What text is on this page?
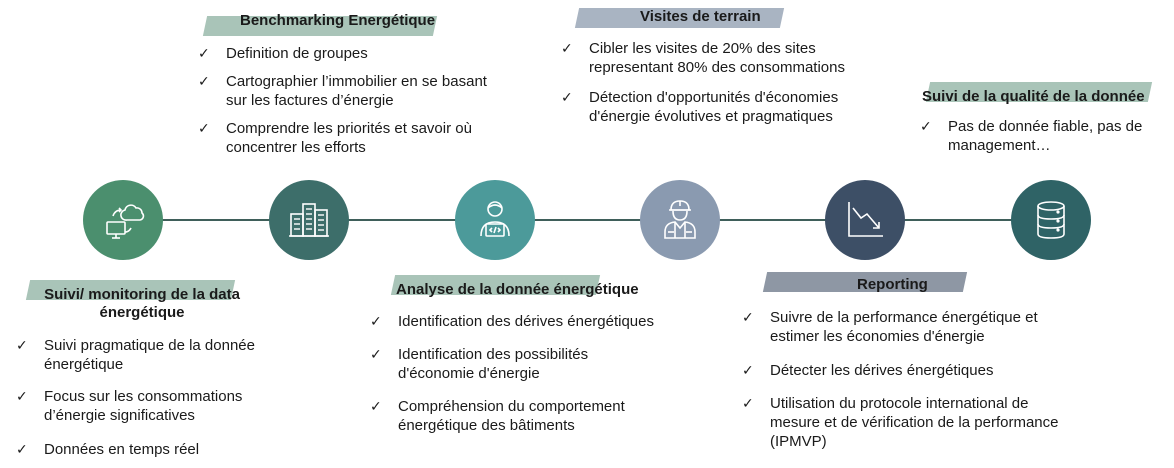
Benchmarking Energétique
✓ Definition de groupes
✓ Cartographier l’immobilier en se basant sur les factures d’énergie
✓ Comprendre les priorités et savoir où concentrer les efforts
Visites de terrain
✓ Cibler les visites de 20% des sites representant 80% des consommations
✓ Détection d'opportunités d'économies d'énergie évolutives et pragmatiques
Suivi de la qualité de la donnée
✓ Pas de donnée fiable, pas de management…
Suivi/ monitoring de la data énergétique
✓ Suivi pragmatique de la donnée énergétique
✓ Focus sur les consommations d’énergie significatives
✓ Données en temps réel
Analyse de la donnée énergétique
✓ Identification des dérives énergétiques
✓ Identification des possibilités d'économie d'énergie
✓ Compréhension du comportement énergétique des bâtiments
Reporting
✓ Suivre de la performance énergétique et estimer les économies d'énergie
✓ Détecter les dérives énergétiques
✓ Utilisation du protocole international de mesure et de vérification de la performance (IPMVP)
